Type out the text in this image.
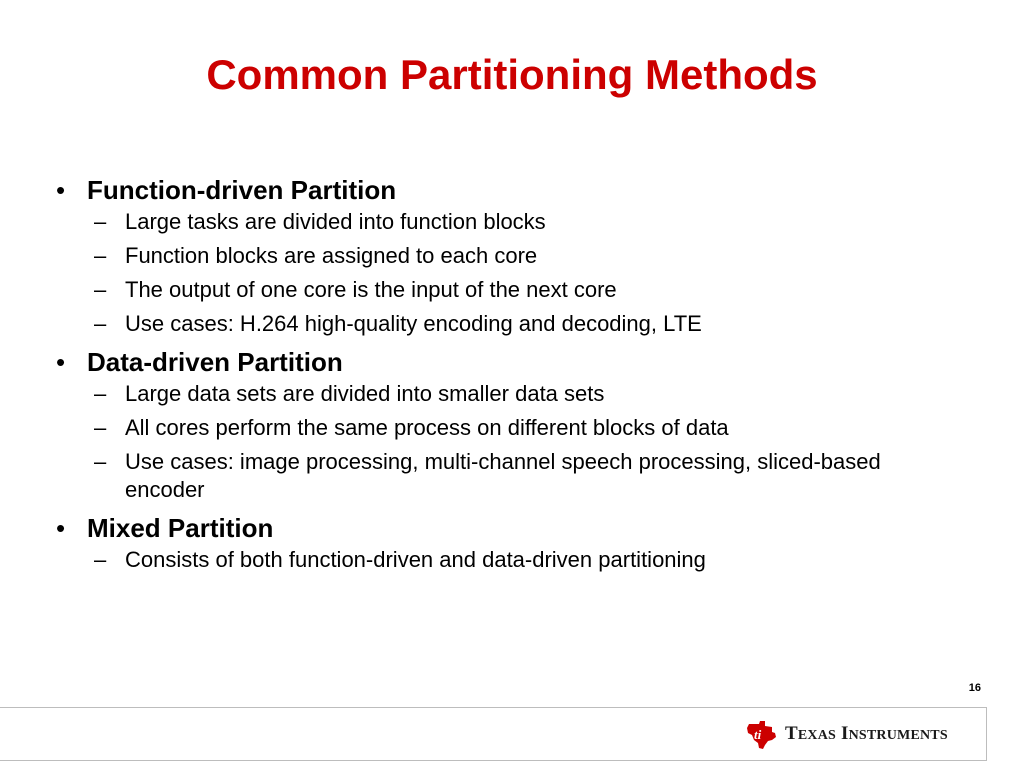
Common Partitioning Methods
• Function-driven Partition
– Large tasks are divided into function blocks
– Function blocks are assigned to each core
– The output of one core is the input of the next core
– Use cases: H.264 high-quality encoding and decoding, LTE
• Data-driven Partition
– Large data sets are divided into smaller data sets
– All cores perform the same process on different blocks of data
– Use cases: image processing, multi-channel speech processing, sliced-based encoder
• Mixed Partition
– Consists of both function-driven and data-driven partitioning
16
ti TEXAS INSTRUMENTS
